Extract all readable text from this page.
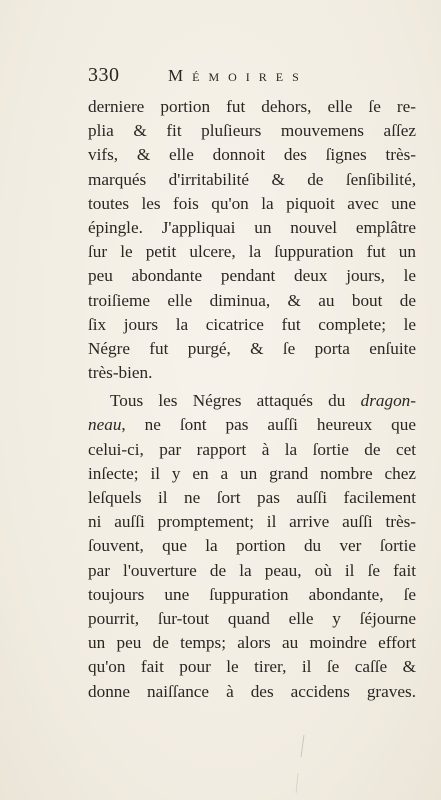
330	Mémoires
derniere portion fut dehors, elle ſe re-
plia & fit pluſieurs mouvemens aſſez
vifs, & elle donnoit des ſignes très-
marqués d'irritabilité & de ſenſibilité,
toutes les fois qu'on la piquoit avec une
épingle. J'appliquai un nouvel emplâtre
ſur le petit ulcere, la ſuppuration fut un
peu abondante pendant deux jours, le
troiſieme elle diminua, & au bout de
ſix jours la cicatrice fut complete; le
Négre fut purgé, & ſe porta enſuite
très-bien.
Tous les Négres attaqués du dragon-
neau, ne ſont pas auſſi heureux que
celui-ci, par rapport à la ſortie de cet
inſecte; il y en a un grand nombre chez
leſquels il ne ſort pas auſſi facilement
ni auſſi promptement; il arrive auſſi très-
ſouvent, que la portion du ver ſortie
par l'ouverture de la peau, où il ſe fait
toujours une ſuppuration abondante, ſe
pourrit, ſur-tout quand elle y ſéjourne
un peu de temps; alors au moindre effort
qu'on fait pour le tirer, il ſe caſſe &
donne naiſſance à des accidens graves.
